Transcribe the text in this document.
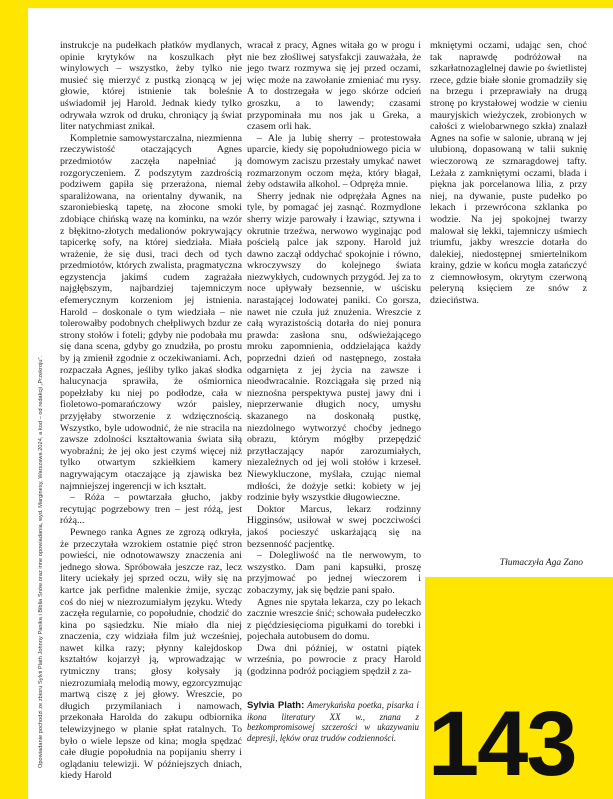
Opowiadanie pochodzi ze zbioru Sylvii Plath Johnny Panika i Biblia Snów oraz inne opowiadania, wyd. Marginesy, Warszawa 2024, a kod – od redakcji „Przekroju”.

instrukcje na pudełkach płatków mydlanych, opinie krytyków na koszulkach płyt winylowych – wszystko, żeby tylko nie musieć się mierzyć z pustką zionącą w jej głowie, której istnienie tak boleśnie uświadomił jej Harold. Jednak kiedy tylko odrywała wzrok od druku, chroniący ją świat liter natychmiast znikał.

Kompletnie samowystarczalna, niezmienna rzeczywistość otaczających Agnes przedmiotów zaczęła napełniać ją rozgoryczeniem. Z podszytym zazdrością podziwem gapiła się przerażona, niemal sparaliżowana, na orientalny dywanik, na szaroniebieską tapetę, na złocone smoki zdobiące chińską wazę na kominku, na wzór z błękitno-złotych medalionów pokrywający tapicerkę sofy, na której siedziała. Miała wrażenie, że się dusi, traci dech od tych przedmiotów, których zwalista, pragmatyczna egzystencja jakimś cudem zagrażała najgłębszym, najbardziej tajemniczym efemerycznym korzeniom jej istnienia. Harold – doskonale o tym wiedziała – nie tolerowałby podobnych chełpliwych bzdur ze strony stołów i foteli; gdyby nie podobała mu się dana scena, gdyby go znudziła, po prostu by ją zmienił zgodnie z oczekiwaniami. Ach, rozpaczała Agnes, jeśliby tylko jakaś słodka halucynacja sprawiła, że ośmiornica popełzłaby ku niej po podłodze, cała w fioletowo-pomarańczowy wzór paisley, przyjęłaby stworzenie z wdzięcznością. Wszystko, byle udowodnić, że nie stracila na zawsze zdolności kształtowania świata siłą wyobraźni; że jej oko jest czymś więcej niż tylko otwartym szkiełkiem kamery nagrywającym otaczające ją zjawiska bez najmniejszej ingerencji w ich kształt.

– Róża – powtarzała głucho, jakby recytując pogrzebowy tren – jest różą, jest różą...

Pewnego ranka Agnes ze zgrozą odkryła, że przeczytała wzrokiem ostatnie pięć stron powieści, nie odnotowawszy znaczenia ani jednego słowa. Spróbowała jeszcze raz, lecz litery uciekały jej sprzed oczu, wiły się na kartce jak perfidne malenkie żmije, sycząc coś do niej w niezrozumiałym języku. Wtedy zaczęła regularnie, co popołudnie, chodzić do kina po sąsiedzku. Nie miało dla niej znaczenia, czy widziała film już wcześniej, nawet kilka razy; płynny kalejdoskop kształtów kojarzył ją, wprowadzając w rytmiczny trans; głosy kołysały ją niezrozumiałą melodią mowy, egzorcyzmując martwą ciszę z jej głowy. Wreszcie, po długich przymilaniach i namowach, przekonała Harolda do zakupu odbiornika telewizyjnego w planie spłat ratalnych. To było o wiele lepsze od kina; mogła spędzać całe długie popołudnia na popijaniu sherry i oglądaniu telewizji. W późniejszych dniach, kiedy Harold

wracał z pracy, Agnes witała go w progu i nie bez złośliwej satysfakcji zauważała, że jego twarz rozmywa się jej przed oczami, więc może na zawołanie zmieniać mu rysy. A to dostrzegała w jego skórze odcień groszku, a to lawendy; czasami przypominała mu nos jak u Greka, a czasem orli hak.

– Ale ja lubię sherry – protestowała uparcie, kiedy się popołudniowego picia w domowym zaciszu przestały umykać nawet rozmarzonym oczom męża, który błagał, żeby odstawiła alkohol. – Odpręża mnie.

Sherry jednak nie odprężała Agnes na tyle, by pomagać jej zasnąć. Rozmydlone sherry wizje parowały i łzawiąc, sztywna i okrutnie trzeźwa, nerwowo wyginając pod pościelą palce jak szpony. Harold już dawno zaczął oddychać spokojnie i równo, wkroczywszy do kolejnego świata niezwykłych, cudownych przygód. Jej za to noce upływały bezsennie, w uścisku narastającej lodowatej paniki. Co gorsza, nawet nie czuła już znużenia. Wreszcie z całą wyrazistością dotarła do niej ponura prawda: zasłona snu, odświeżającego mroku zapomnienia, oddzielająca każdy poprzedni dzień od następnego, została odgarnięta z jej życia na zawsze i nieodwracalnie. Rozciągała się przed nią nieznośna perspektywa pustej jawy dni i nieprzerwanie długich nocy, umysłu skazanego na doskonałą pustkę, niezdolnego wytworzyć choćby jednego obrazu, którym mógłby przepędzić przytłaczający napór zarozumiałych, niezależnych od jej woli stołów i krzeseł. Niewykluczone, myślała, czując niemal mdłości, że dożyje setki: kobiety w jej rodzinie były wszystkie długowieczne.

Doktor Marcus, lekarz rodzinny Higginsów, usiłował w swej poczciwości jakoś pocieszyć uskarżającą się na bezsenność pacjentkę.

– Dolegliwość na tle nerwowym, to wszystko. Dam pani kapsułki, proszę przyjmować po jednej wieczorem i zobaczymy, jak się będzie pani spało.

Agnes nie spytała lekarza, czy po lekach zacznie wreszcie śnić; schowała pudełeczko z pięćdziesięcioma pigułkami do torebki i pojechała autobusem do domu.

Dwa dni później, w ostatni piątek września, po powrocie z pracy Harold (godzinna podróż pociągiem spędził z za-

mkniętymi oczami, udając sen, choć tak naprawdę podróżował na szkarłatnozaglelnej dawie po świetlistej rzece, gdzie białe słonie gromadziły się na brzegu i przeprawiały na drugą stronę po krystałowej wodzie w cieniu mauryjskich wieżyczek, zrobionych w całości z wielobarwnego szkła) znalazł Agnes na sofie w salonie, ubraną w jej ulubioną, dopasowaną w talii suknię wieczorową ze szmaragdowej tafty. Leżała z zamkniętymi oczami, blada i piękna jak porcelanowa lilia, z przy niej, na dywanie, puste pudełko po lekach i przewrócona szklanka po wodzie. Na jej spokojnej twarzy malował się lekki, tajemniczy uśmiech triumfu, jakby wreszcie dotarła do dalekiej, niedostępnej smiertelnikom krainy, gdzie w końcu mogła zatańczyć z ciemnowłosym, okrytym czerwoną peleryną księciem ze snów z dzieciństwa.

Tłumaczyła Aga Zano
Sylvia Plath: Amerykańska poetka, pisarka i ikona literatury XX w., znana z bezkompromisowej szczerości w ukazywaniu depresji, lęków oraz trudów codzienności. 143
